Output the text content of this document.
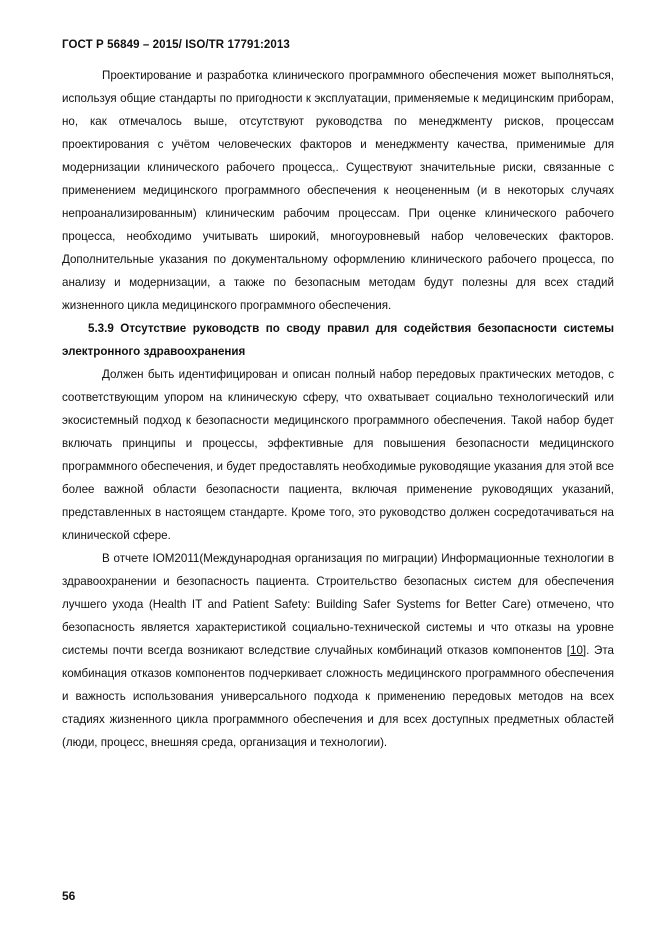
ГОСТ Р 56849 – 2015/ ISO/TR 17791:2013

Проектирование и разработка клинического программного обеспечения может выполняться, используя общие стандарты по пригодности к эксплуатации, применяемые к медицинским приборам, но, как отмечалось выше, отсутствуют руководства по менеджменту рисков, процессам проектирования с учётом человеческих факторов и менеджменту качества, применимые для модернизации клинического рабочего процесса,. Существуют значительные риски, связанные с применением медицинского программного обеспечения к неоцененным (и в некоторых случаях непроанализированным) клиническим рабочим процессам. При оценке клинического рабочего процесса, необходимо учитывать широкий, многоуровневый набор человеческих факторов. Дополнительные указания по документальному оформлению клинического рабочего процесса, по анализу и модернизации, а также по безопасным методам будут полезны для всех стадий жизненного цикла медицинского программного обеспечения.

5.3.9 Отсутствие руководств по своду правил для содействия безопасности системы электронного здравоохранения

Должен быть идентифицирован и описан полный набор передовых практических методов, с соответствующим упором на клиническую сферу, что охватывает социально технологический или экосистемный подход к безопасности медицинского программного обеспечения. Такой набор будет включать принципы и процессы, эффективные для повышения безопасности медицинского программного обеспечения, и будет предоставлять необходимые руководящие указания для этой все более важной области безопасности пациента, включая применение руководящих указаний, представленных в настоящем стандарте. Кроме того, это руководство должен сосредотачиваться на клинической сфере.

В отчете IOM2011(Международная организация по миграции) Информационные технологии в здравоохранении и безопасность пациента. Строительство безопасных систем для обеспечения лучшего ухода (Health IT and Patient Safety: Building Safer Systems for Better Care) отмечено, что безопасность является характеристикой социально-технической системы и что отказы на уровне системы почти всегда возникают вследствие случайных комбинаций отказов компонентов [10]. Эта комбинация отказов компонентов подчеркивает сложность медицинского программного обеспечения и важность использования универсального подхода к применению передовых методов на всех стадиях жизненного цикла программного обеспечения и для всех доступных предметных областей (люди, процесс, внешняя среда, организация и технологии).

56
